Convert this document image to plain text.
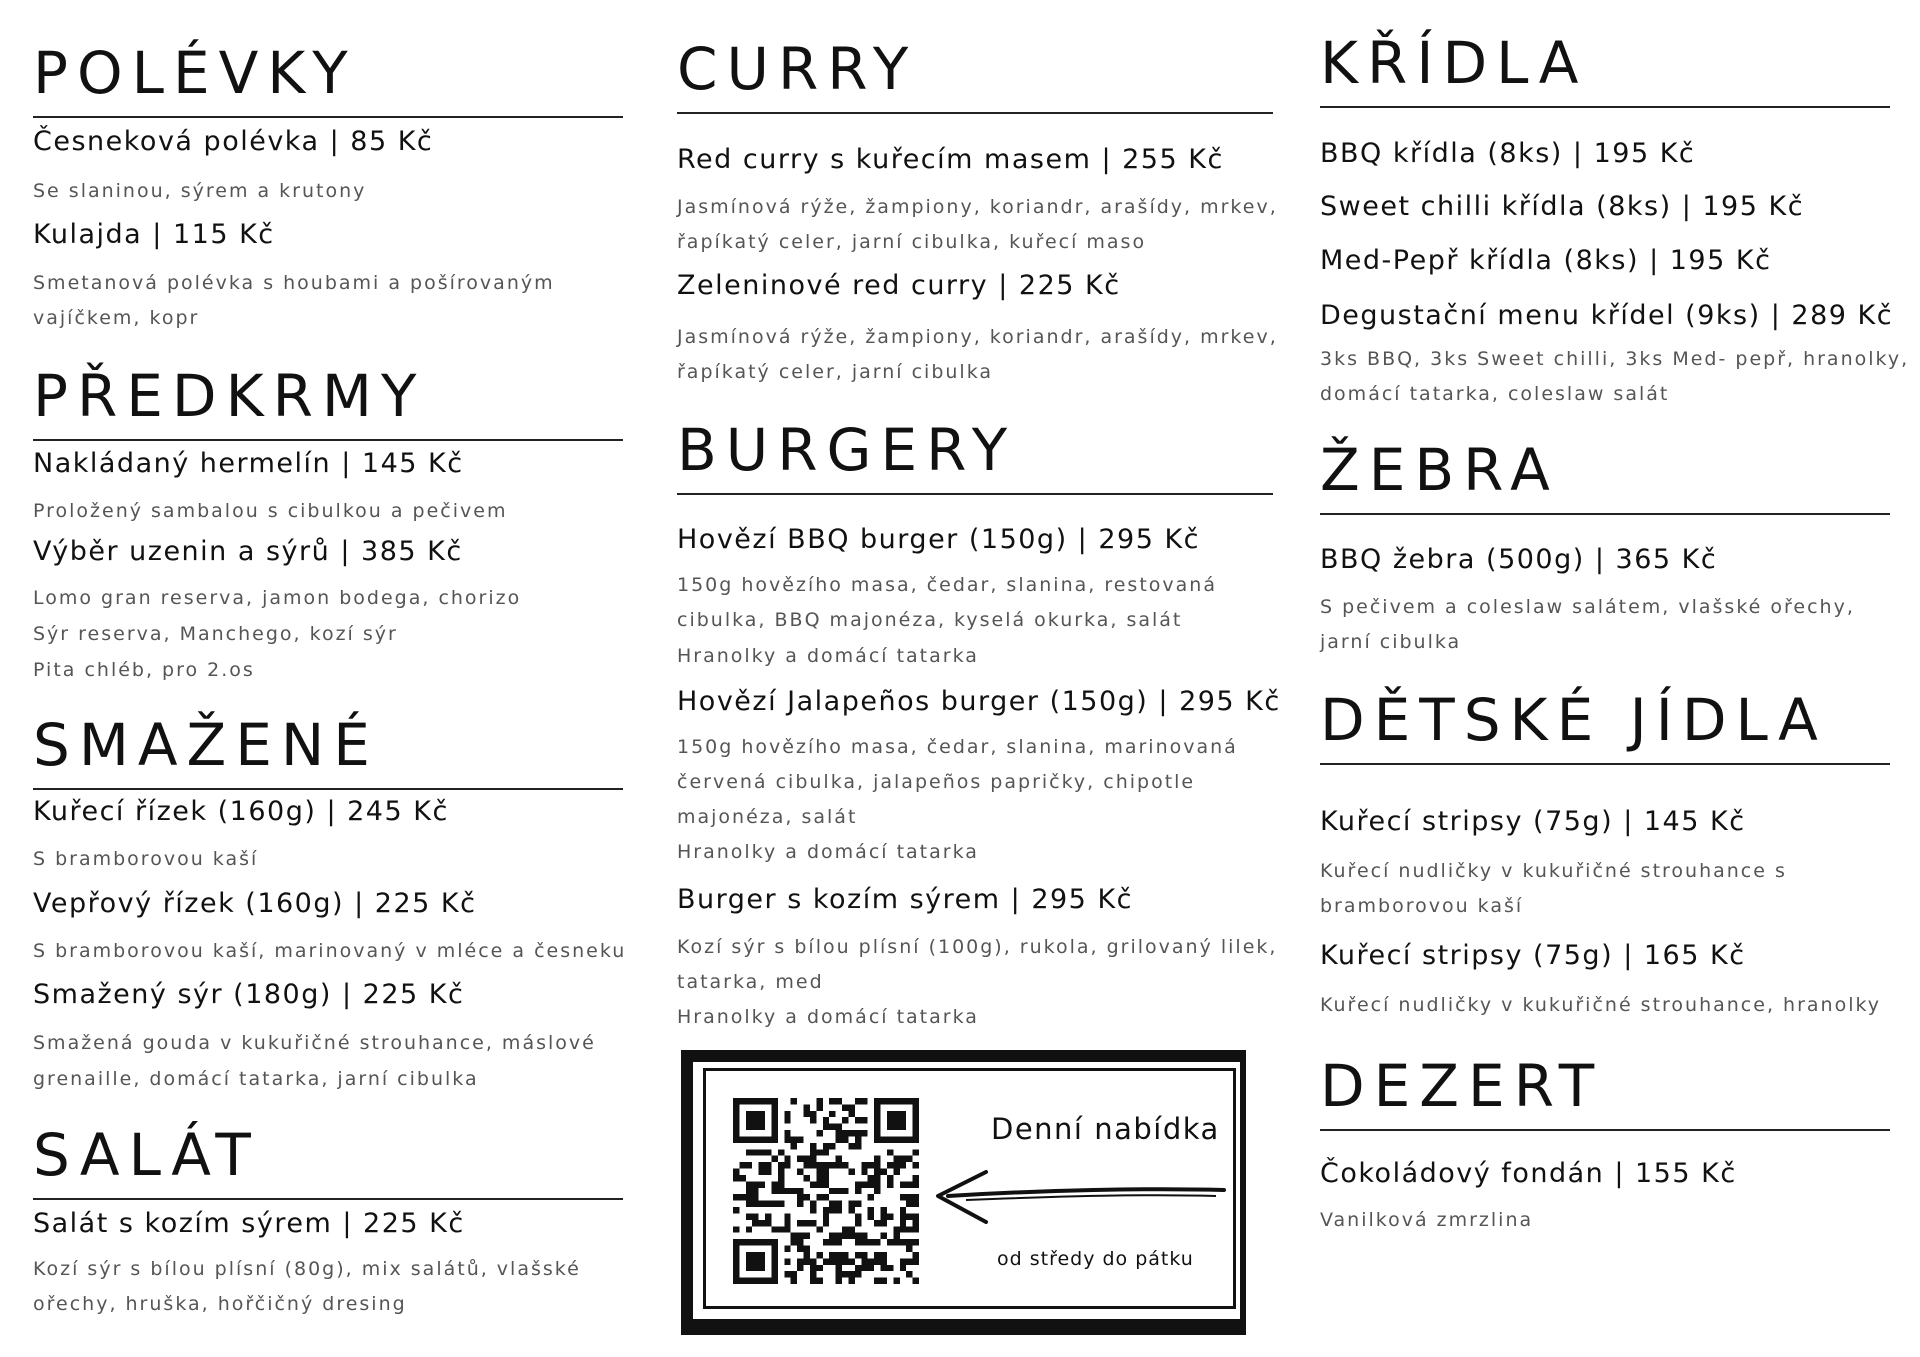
POLÉVKY
Česneková polévka | 85 Kč
Se slaninou, sýrem a krutony
Kulajda | 115 Kč
Smetanová polévka s houbami a pošírovaným
vajíčkem, kopr
PŘEDKRMY
Nakládaný hermelín | 145 Kč
Proložený sambalou s cibulkou a pečivem
Výběr uzenin a sýrů | 385 Kč
Lomo gran reserva, jamon bodega, chorizo
Sýr reserva, Manchego, kozí sýr
Pita chléb, pro 2.os
SMAŽENÉ
Kuřecí řízek (160g) | 245 Kč
S bramborovou kaší
Vepřový řízek (160g) | 225 Kč
S bramborovou kaší, marinovaný v mléce a česneku
Smažený sýr (180g) | 225 Kč
Smažená gouda v kukuřičné strouhance, máslové
grenaille, domácí tatarka, jarní cibulka
SALÁT
Salát s kozím sýrem | 225 Kč
Kozí sýr s bílou plísní (80g), mix salátů, vlašské
ořechy, hruška, hořčičný dresing
CURRY
Red curry s kuřecím masem | 255 Kč
Jasmínová rýže, žampiony, koriandr, arašídy, mrkev,
řapíkatý celer, jarní cibulka, kuřecí maso
Zeleninové red curry | 225 Kč
Jasmínová rýže, žampiony, koriandr, arašídy, mrkev,
řapíkatý celer, jarní cibulka
BURGERY
Hovězí BBQ burger (150g) | 295 Kč
150g hovězího masa, čedar, slanina, restovaná
cibulka, BBQ majonéza, kyselá okurka, salát
Hranolky a domácí tatarka
Hovězí Jalapeños burger (150g) | 295 Kč
150g hovězího masa, čedar, slanina, marinovaná
červená cibulka, jalapeños papričky, chipotle
majonéza, salát
Hranolky a domácí tatarka
Burger s kozím sýrem | 295 Kč
Kozí sýr s bílou plísní (100g), rukola, grilovaný lilek,
tatarka, med
Hranolky a domácí tatarka
Denní nabídka
od středy do pátku
KŘÍDLA
BBQ křídla (8ks) | 195 Kč
Sweet chilli křídla (8ks) | 195 Kč
Med-Pepř křídla (8ks) | 195 Kč
Degustační menu křídel (9ks) | 289 Kč
3ks BBQ, 3ks Sweet chilli, 3ks Med- pepř, hranolky,
domácí tatarka, coleslaw salát
ŽEBRA
BBQ žebra (500g) | 365 Kč
S pečivem a coleslaw salátem, vlašské ořechy,
jarní cibulka
DĚTSKÉ JÍDLA
Kuřecí stripsy (75g) | 145 Kč
Kuřecí nudličky v kukuřičné strouhance s
bramborovou kaší
Kuřecí stripsy (75g) | 165 Kč
Kuřecí nudličky v kukuřičné strouhance, hranolky
DEZERT
Čokoládový fondán | 155 Kč
Vanilková zmrzlina
